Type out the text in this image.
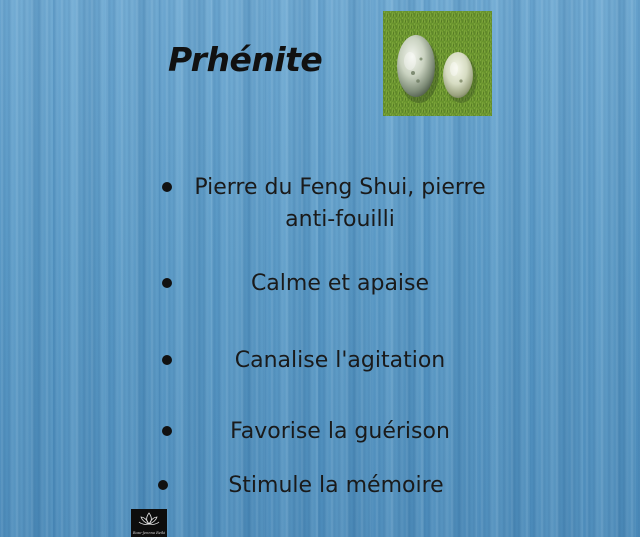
Prhénite
Pierre du Feng Shui, pierre
anti-fouilli
Calme et apaise
Canalise l'agitation
Favorise la guérison
Stimule la mémoire
Rose-Jennna Reiki
